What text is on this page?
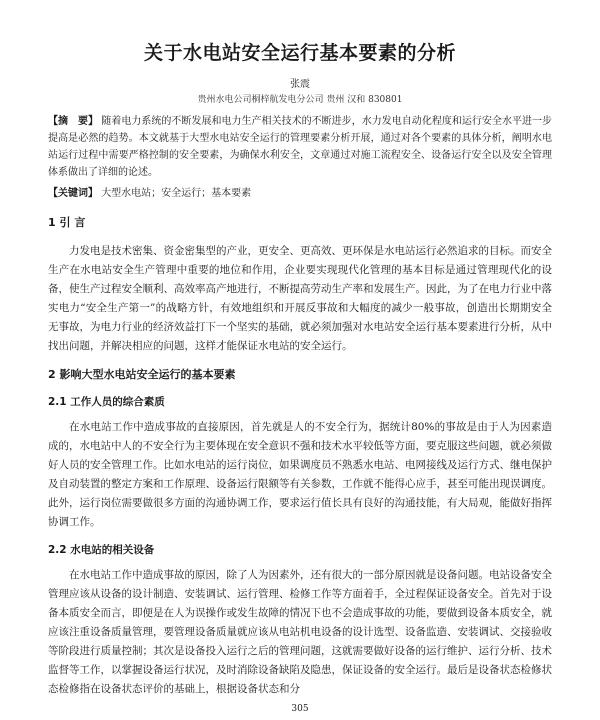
关于水电站安全运行基本要素的分析
张震
贵州水电公司桐梓航发电分公司 贵州 汉和 830801
【摘　要】 随着电力系统的不断发展和电力生产相关技术的不断进步，水力发电自动化程度和运行安全水平进一步提高是必然的趋势。本文就基于大型水电站安全运行的管理要素分析开展，通过对各个要素的具体分析，阐明水电站运行过程中需要严格控制的安全要素，为确保水利安全，文章通过对施工流程安全、设备运行安全以及安全管理体系做出了详细的论述。
【关键词】 大型水电站；安全运行；基本要素
1 引 言

力发电是技术密集、资金密集型的产业，更安全、更高效、更环保是水电站运行必然追求的目标。而安全生产在水电站安全生产管理中重要的地位和作用，企业要实现现代化管理的基本目标是通过管理现代化的设备，使生产过程安全顺利、高效率高产地进行，不断提高劳动生产率和发展生产。因此，为了在电力行业中落实电力“安全生产第一”的战略方针，有效地组织和开展反事故和大幅度的减少一般事故，创造出长期期安全无事故，为电力行业的经济效益打下一个坚实的基础，就必须加强对水电站安全运行基本要素进行分析，从中找出问题，并解决相应的问题，这样才能保证水电站的安全运行。

2 影响大型水电站安全运行的基本要素
2.1 工作人员的综合素质

在水电站工作中造成事故的直接原因，首先就是人的不安全行为，据统计80%的事故是由于人为因素造成的，水电站中人的不安全行为主要体现在安全意识不强和技术水平较低等方面，要克服这些问题，就必须做好人员的安全管理工作。比如水电站的运行岗位，如果调度员不熟悉水电站、电网接线及运行方式、继电保护及自动装置的整定方案和工作原理、设备运行限额等有关参数，工作就不能得心应手，甚至可能出现误调度。此外，运行岗位需要做很多方面的沟通协调工作，要求运行值长具有良好的沟通技能，有大局观，能做好指挥协调工作。

2.2 水电站的相关设备

在水电站工作中造成事故的原因，除了人为因素外，还有很大的一部分原因就是设备问题。电站设备安全管理应该从设备的设计制造、安装调试、运行管理、检修工作等方面着手，全过程保证设备安全。首先对于设备本质安全而言，即便是在人为误操作或发生故障的情况下也不会造成事故的功能，要做到设备本质安全，就应该注重设备质量管理，要管理设备质量就应该从电站机电设备的设计选型、设备监造、安装调试、交接验收等阶段进行质量控制；其次是设备投入运行之后的管理问题，这就需要做好设备的运行维护、运行分析、技术监督等工作，以掌握设备运行状况，及时消除设备缺陷及隐患，保证设备的安全运行。最后是设备状态检修状态检修指在设备状态评价的基础上，根据设备状态和分

305
